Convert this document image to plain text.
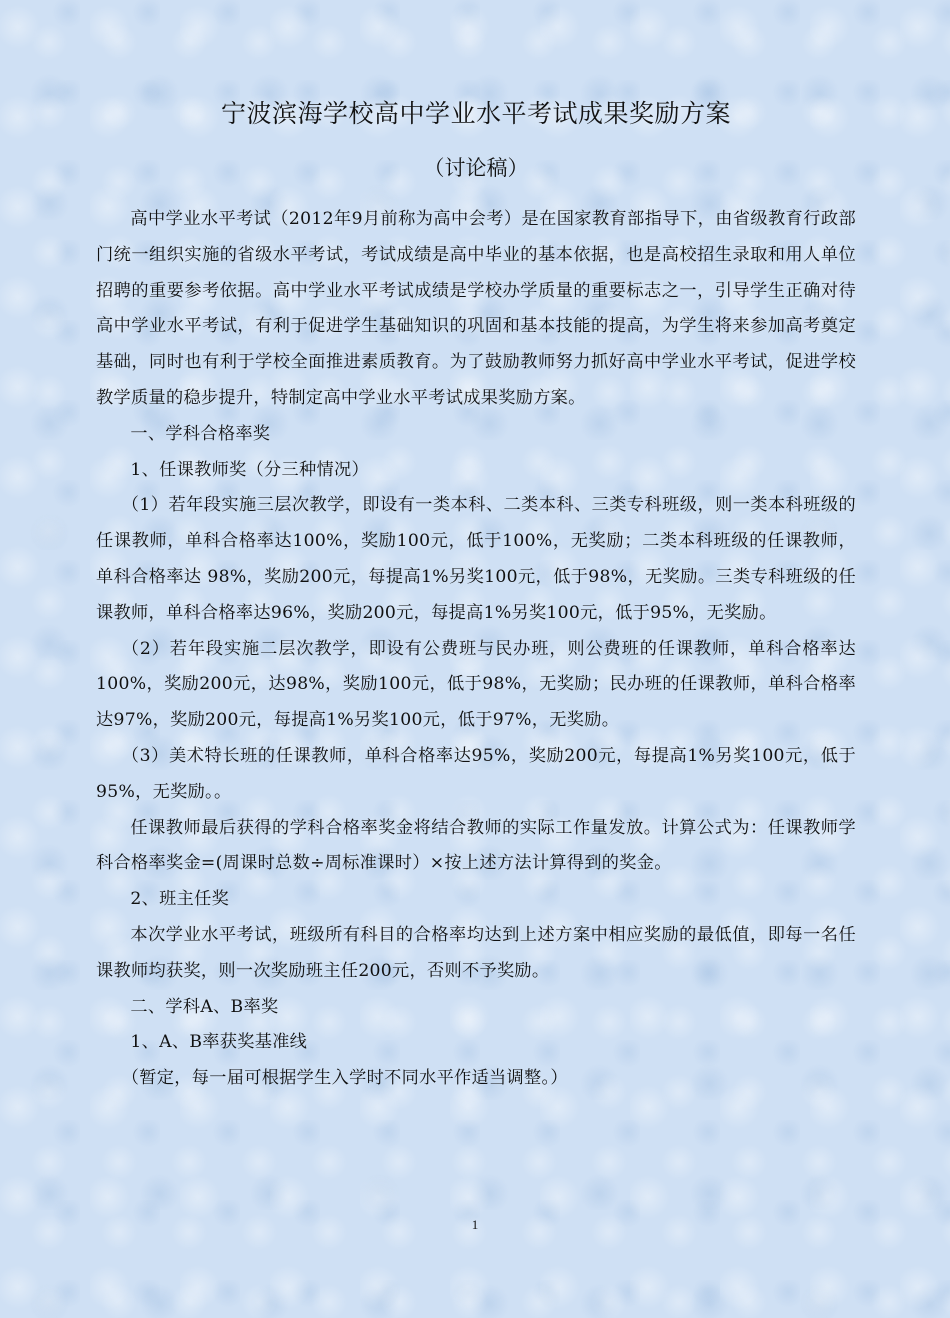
宁波滨海学校高中学业水平考试成果奖励方案
（讨论稿）

高中学业水平考试（2012年9月前称为高中会考）是在国家教育部指导下，由省级教育行政部门统一组织实施的省级水平考试，考试成绩是高中毕业的基本依据，也是高校招生录取和用人单位招聘的重要参考依据。高中学业水平考试成绩是学校办学质量的重要标志之一，引导学生正确对待高中学业水平考试，有利于促进学生基础知识的巩固和基本技能的提高，为学生将来参加高考奠定基础，同时也有利于学校全面推进素质教育。为了鼓励教师努力抓好高中学业水平考试，促进学校教学质量的稳步提升，特制定高中学业水平考试成果奖励方案。

一、学科合格率奖

1、任课教师奖（分三种情况）

（1）若年段实施三层次教学，即设有一类本科、二类本科、三类专科班级，则一类本科班级的任课教师，单科合格率达100%，奖励100元，低于100%，无奖励；二类本科班级的任课教师，单科合格率达 98%，奖励200元，每提高1%另奖100元，低于98%，无奖励。三类专科班级的任课教师，单科合格率达96%，奖励200元，每提高1%另奖100元，低于95%，无奖励。

（2）若年段实施二层次教学，即设有公费班与民办班，则公费班的任课教师，单科合格率达100%，奖励200元，达98%，奖励100元，低于98%，无奖励；民办班的任课教师，单科合格率达97%，奖励200元，每提高1%另奖100元，低于97%，无奖励。

（3）美术特长班的任课教师，单科合格率达95%，奖励200元，每提高1%另奖100元，低于95%，无奖励。。

任课教师最后获得的学科合格率奖金将结合教师的实际工作量发放。计算公式为：任课教师学科合格率奖金=(周课时总数÷周标准课时）×按上述方法计算得到的奖金。

2、班主任奖

本次学业水平考试，班级所有科目的合格率均达到上述方案中相应奖励的最低值，即每一名任课教师均获奖，则一次奖励班主任200元，否则不予奖励。

二、学科A、B率奖

1、A、B率获奖基准线

（暂定，每一届可根据学生入学时不同水平作适当调整。）

1
